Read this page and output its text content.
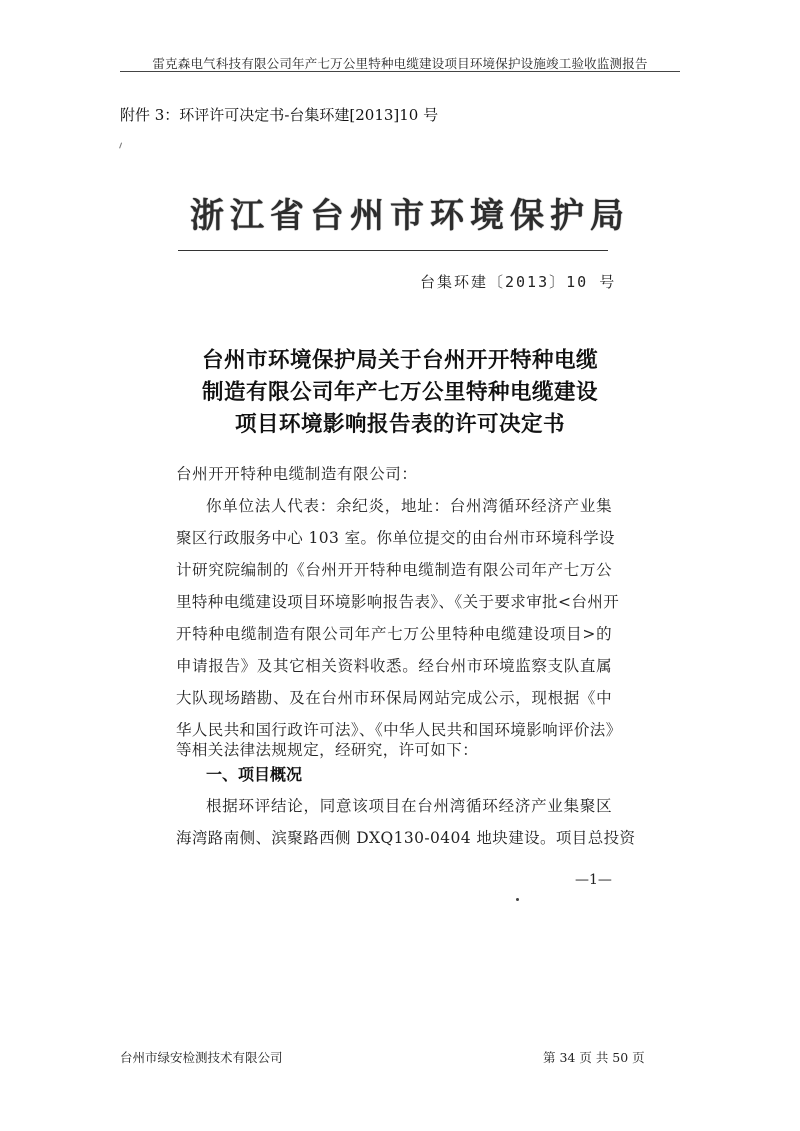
雷克森电气科技有限公司年产七万公里特种电缆建设项目环境保护设施竣工验收监测报告
附件 3：环评许可决定书-台集环建[2013]10 号
浙江省台州市环境保护局
台集环建〔2013〕10 号
台州市环境保护局关于台州开开特种电缆
制造有限公司年产七万公里特种电缆建设
项目环境影响报告表的许可决定书
台州开开特种电缆制造有限公司：
你单位法人代表：余纪炎，地址：台州湾循环经济产业集
聚区行政服务中心 103 室。你单位提交的由台州市环境科学设
计研究院编制的《台州开开特种电缆制造有限公司年产七万公
里特种电缆建设项目环境影响报告表》、《关于要求审批<台州开
开特种电缆制造有限公司年产七万公里特种电缆建设项目>的
申请报告》及其它相关资料收悉。经台州市环境监察支队直属
大队现场踏勘、及在台州市环保局网站完成公示，现根据《中
华人民共和国行政许可法》、《中华人民共和国环境影响评价法》
等相关法律法规规定，经研究，许可如下：
一、项目概况
根据环评结论，同意该项目在台州湾循环经济产业集聚区
海湾路南侧、滨聚路西侧 DXQ130-0404 地块建设。项目总投资
—1—
台州市绿安检测技术有限公司	第 34 页 共 50 页
